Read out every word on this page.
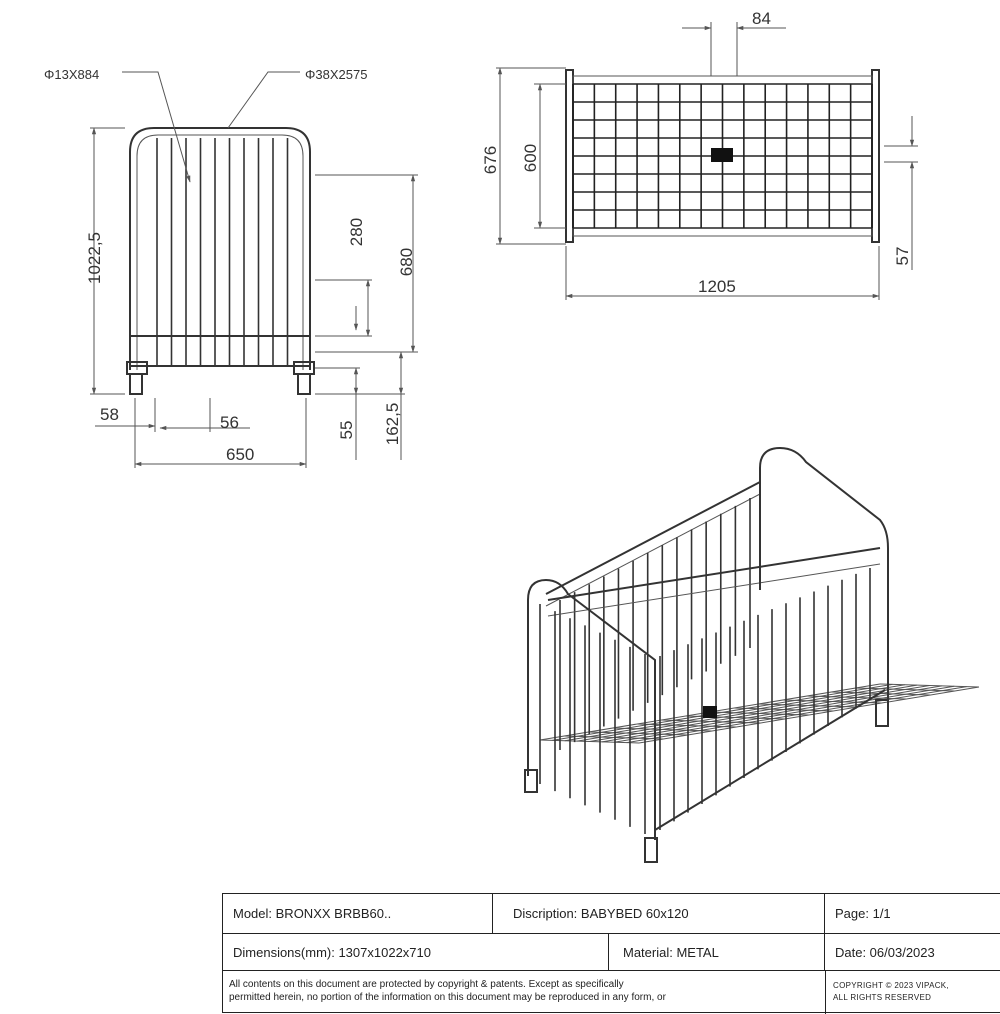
Φ13X884	Φ38X2575
1022,5	280
680
55 162,5
58	56
650
84
676 600
57
1205
Model: BRONXX BRBB60..	Discription: BABYBED 60x120	Page: 1/1
Dimensions(mm): 1307x1022x710	Material: METAL	Date: 06/03/2023
All contents on this document are protected by copyright & patents. Except as specifically
permitted herein, no portion of the information on this document may be reproduced in any form, or
COPYRIGHT © 2023 VIPACK,
ALL RIGHTS RESERVED
